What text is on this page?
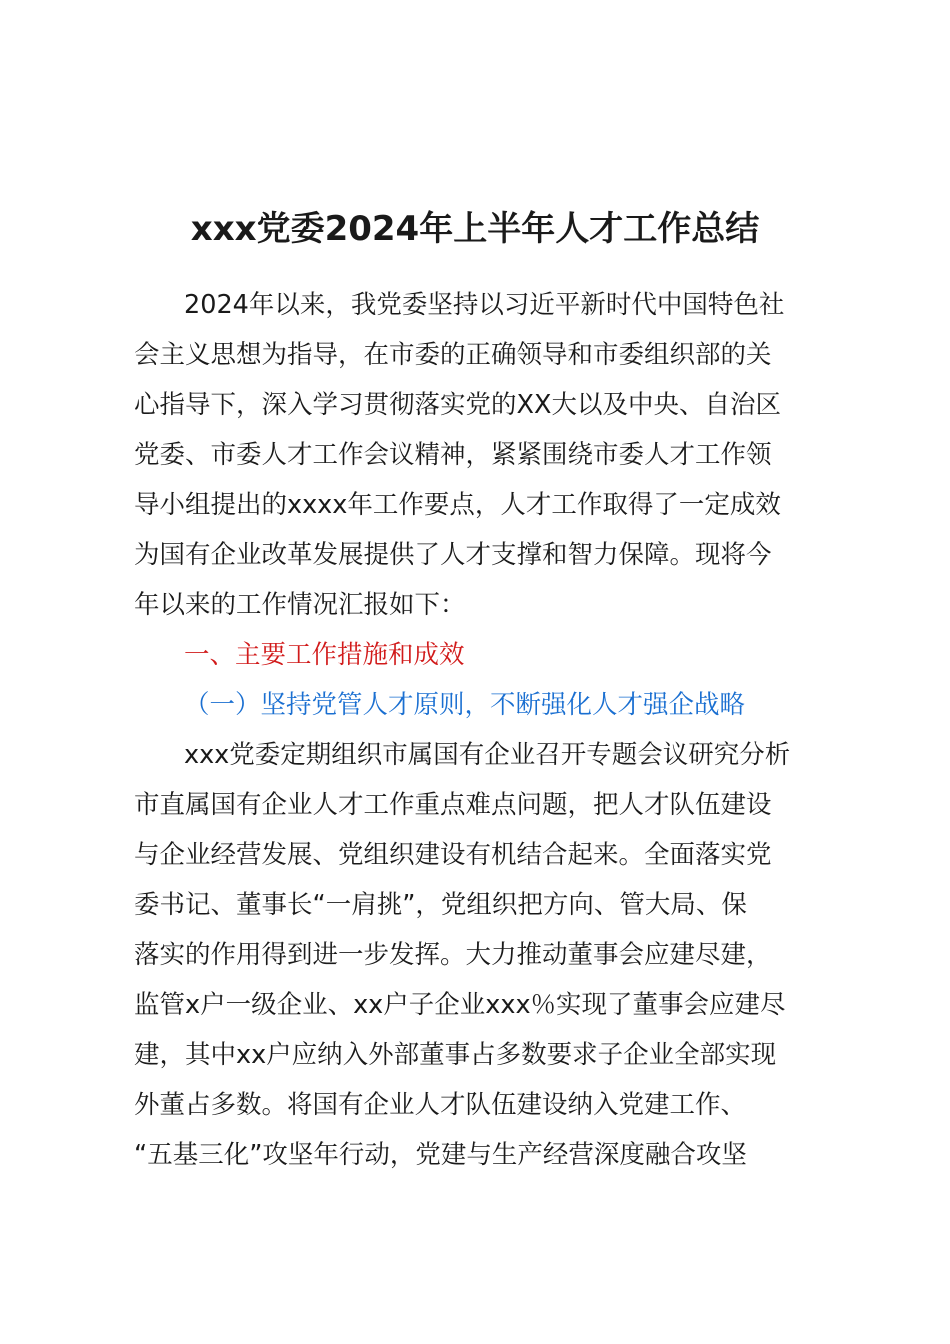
xxx党委2024年上半年人才工作总结
2024年以来，我党委坚持以习近平新时代中国特色社
会主义思想为指导，在市委的正确领导和市委组织部的关
心指导下，深入学习贯彻落实党的XX大以及中央、自治区
党委、市委人才工作会议精神，紧紧围绕市委人才工作领
导小组提出的xxxx年工作要点，人才工作取得了一定成效
为国有企业改革发展提供了人才支撑和智力保障。现将今
年以来的工作情况汇报如下：
一、主要工作措施和成效
（一）坚持党管人才原则，不断强化人才强企战略
xxx党委定期组织市属国有企业召开专题会议研究分析
市直属国有企业人才工作重点难点问题，把人才队伍建设
与企业经营发展、党组织建设有机结合起来。全面落实党
委书记、董事长“一肩挑”，党组织把方向、管大局、保
落实的作用得到进一步发挥。大力推动董事会应建尽建，
监管x户一级企业、xx户子企业xxx％实现了董事会应建尽
建，其中xx户应纳入外部董事占多数要求子企业全部实现
外董占多数。将国有企业人才队伍建设纳入党建工作、
“五基三化”攻坚年行动，党建与生产经营深度融合攻坚
